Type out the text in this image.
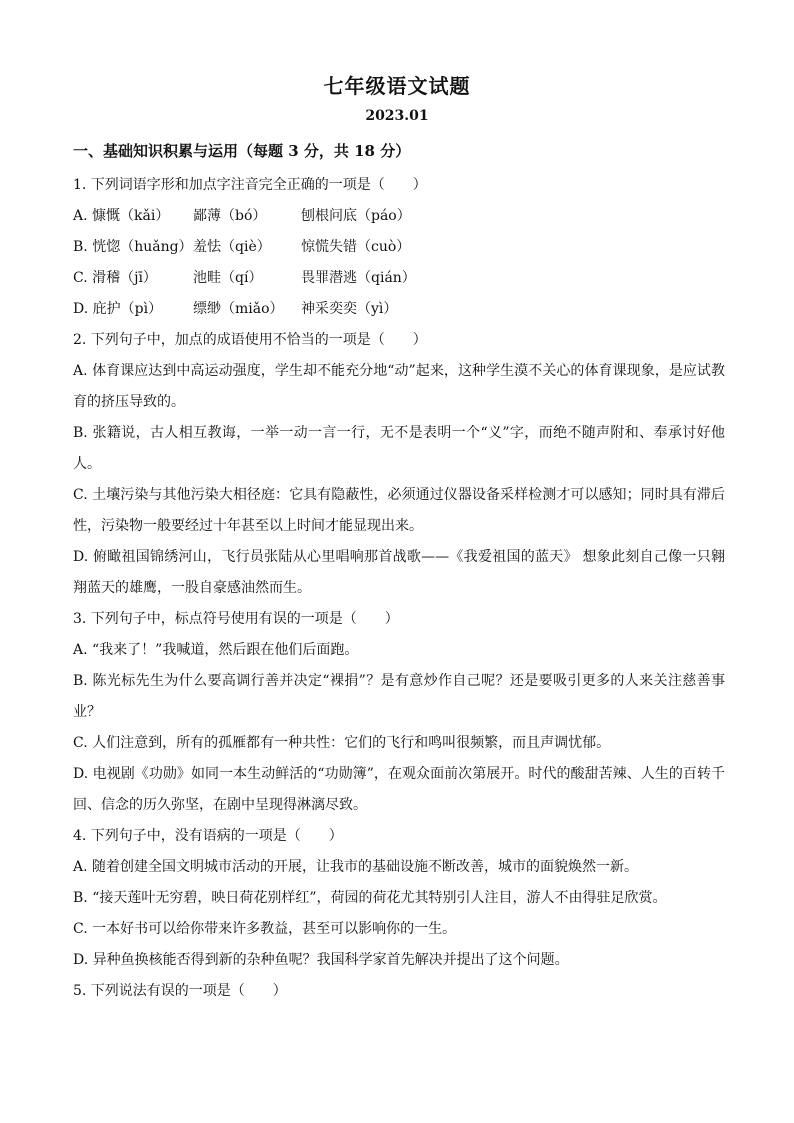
七年级语文试题
2023.01
一、基础知识积累与运用（每题 3 分，共 18 分）
1. 下列词语字形和加点字注音完全正确的一项是（　　）
A. 慷慨（kǎi） 鄙薄（bó） 刨根问底（páo）
B. 恍惚（huǎng）羞怯（qiè） 惊慌失错（cuò）
C. 滑稽（jī）	池畦（qí）	畏罪潜逃（qián）
D. 庇护（pì） 缥缈（miǎo） 神采奕奕（yì）
2. 下列句子中，加点的成语使用不恰当的一项是（　　）
A. 体育课应达到中高运动强度，学生却不能充分地“动”起来，这种学生漠不关心的体育课现象，是应试教育的挤压导致的。
B. 张籍说，古人相互教诲，一举一动一言一行，无不是表明一个“义”字，而绝不随声附和、奉承讨好他人。
C. 土壤污染与其他污染大相径庭：它具有隐蔽性，必须通过仪器设备采样检测才可以感知；同时具有滞后性，污染物一般要经过十年甚至以上时间才能显现出来。
D. 俯瞰祖国锦绣河山，飞行员张陆从心里唱响那首战歌——《我爱祖国的蓝天》 想象此刻自己像一只翱翔蓝天的雄鹰，一股自豪感油然而生。
3. 下列句子中，标点符号使用有误的一项是（　　）
A. “我来了！”我喊道，然后跟在他们后面跑。
B. 陈光标先生为什么要高调行善并决定“裸捐”？是有意炒作自己呢？还是要吸引更多的人来关注慈善事业？
C. 人们注意到，所有的孤雁都有一种共性：它们的飞行和鸣叫很频繁，而且声调忧郁。
D. 电视剧《功勋》如同一本生动鲜活的“功勋簿”，在观众面前次第展开。时代的酸甜苦辣、人生的百转千回、信念的历久弥坚，在剧中呈现得淋漓尽致。
4. 下列句子中，没有语病的一项是（　　）
A. 随着创建全国文明城市活动的开展，让我市的基础设施不断改善，城市的面貌焕然一新。
B. “接天莲叶无穷碧，映日荷花别样红”，荷园的荷花尤其特别引人注目，游人不由得驻足欣赏。
C. 一本好书可以给你带来许多教益，甚至可以影响你的一生。
D. 异种鱼换核能否得到新的杂种鱼呢？我国科学家首先解决并提出了这个问题。
5. 下列说法有误的一项是（　　）
